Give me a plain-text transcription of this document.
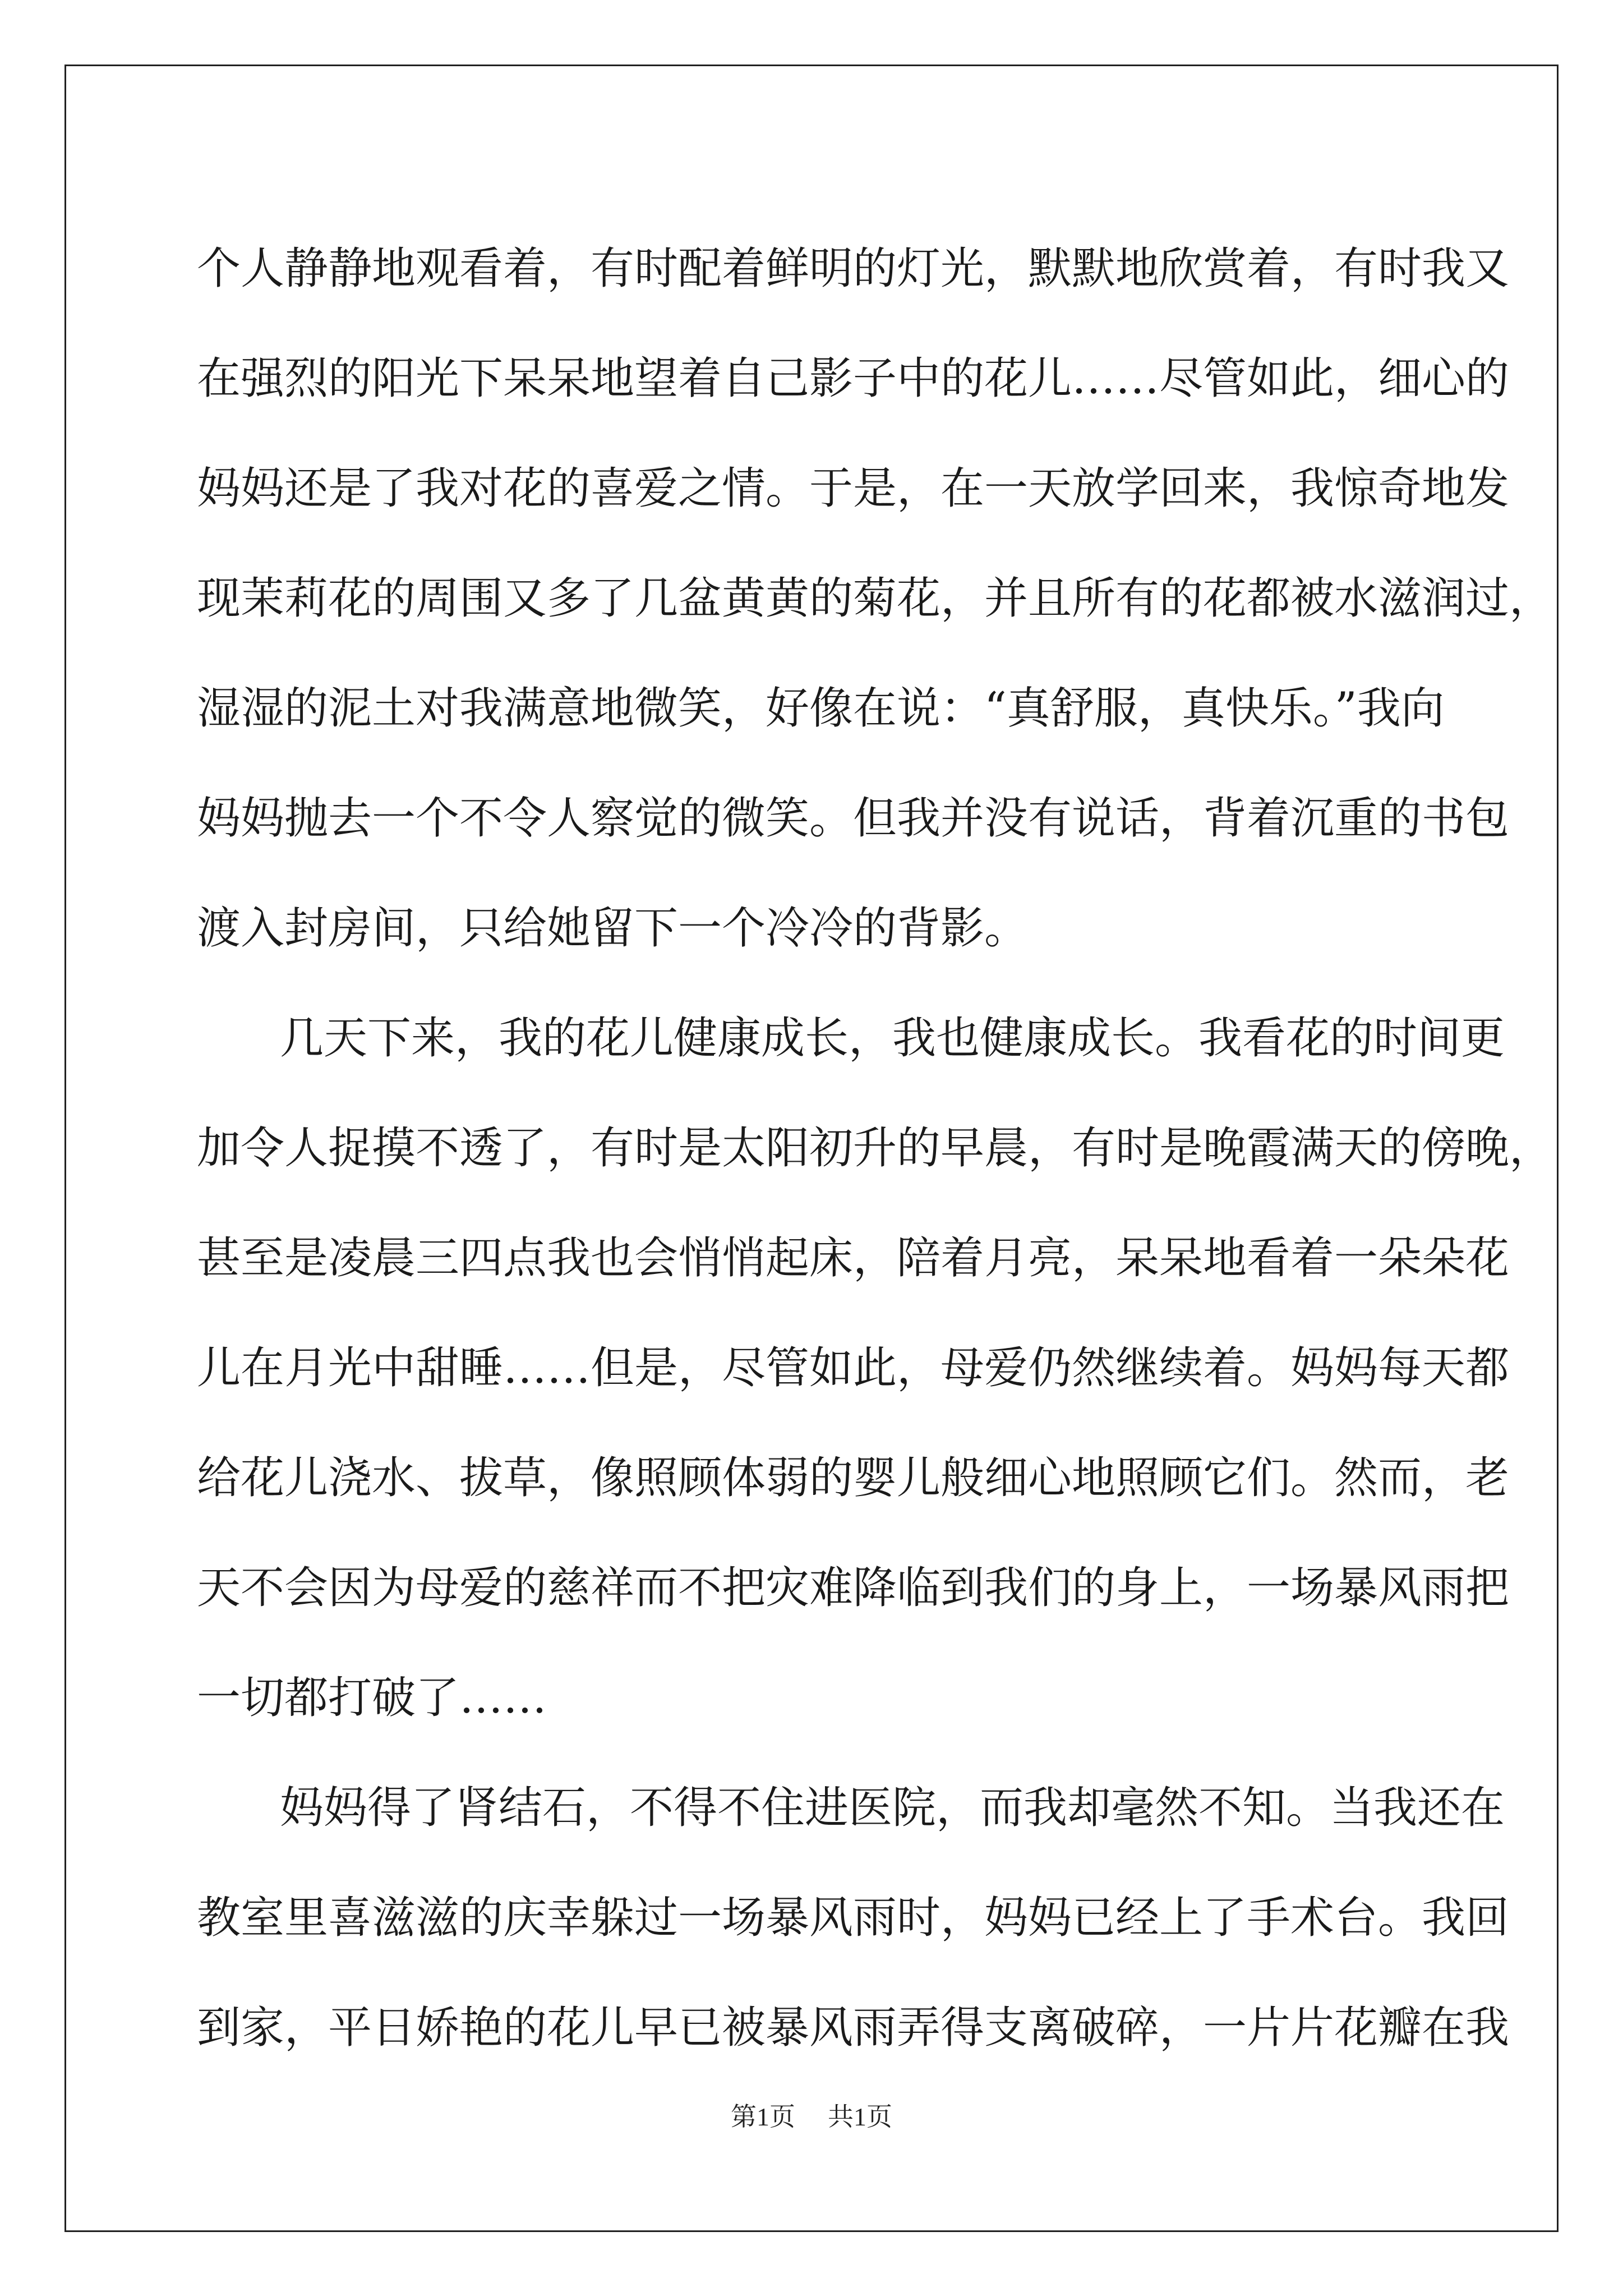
个人静静地观看着，有时配着鲜明的灯光，默默地欣赏着，有时我又
在强烈的阳光下呆呆地望着自己影子中的花儿……尽管如此，细心的
妈妈还是了我对花的喜爱之情。于是，在一天放学回来，我惊奇地发
现茉莉花的周围又多了几盆黄黄的菊花，并且所有的花都被水滋润过，
湿湿的泥土对我满意地微笑，好像在说：“真舒服，真快乐。”我向
妈妈抛去一个不令人察觉的微笑。但我并没有说话，背着沉重的书包
渡入封房间，只给她留下一个冷冷的背影。
几天下来，我的花儿健康成长，我也健康成长。我看花的时间更
加令人捉摸不透了，有时是太阳初升的早晨，有时是晚霞满天的傍晚，
甚至是凌晨三四点我也会悄悄起床，陪着月亮，呆呆地看着一朵朵花
儿在月光中甜睡……但是，尽管如此，母爱仍然继续着。妈妈每天都
给花儿浇水、拔草，像照顾体弱的婴儿般细心地照顾它们。然而，老
天不会因为母爱的慈祥而不把灾难降临到我们的身上，一场暴风雨把
一切都打破了……
妈妈得了肾结石，不得不住进医院，而我却毫然不知。当我还在
教室里喜滋滋的庆幸躲过一场暴风雨时，妈妈已经上了手术台。我回
到家，平日娇艳的花儿早已被暴风雨弄得支离破碎，一片片花瓣在我
第1页 共1页
